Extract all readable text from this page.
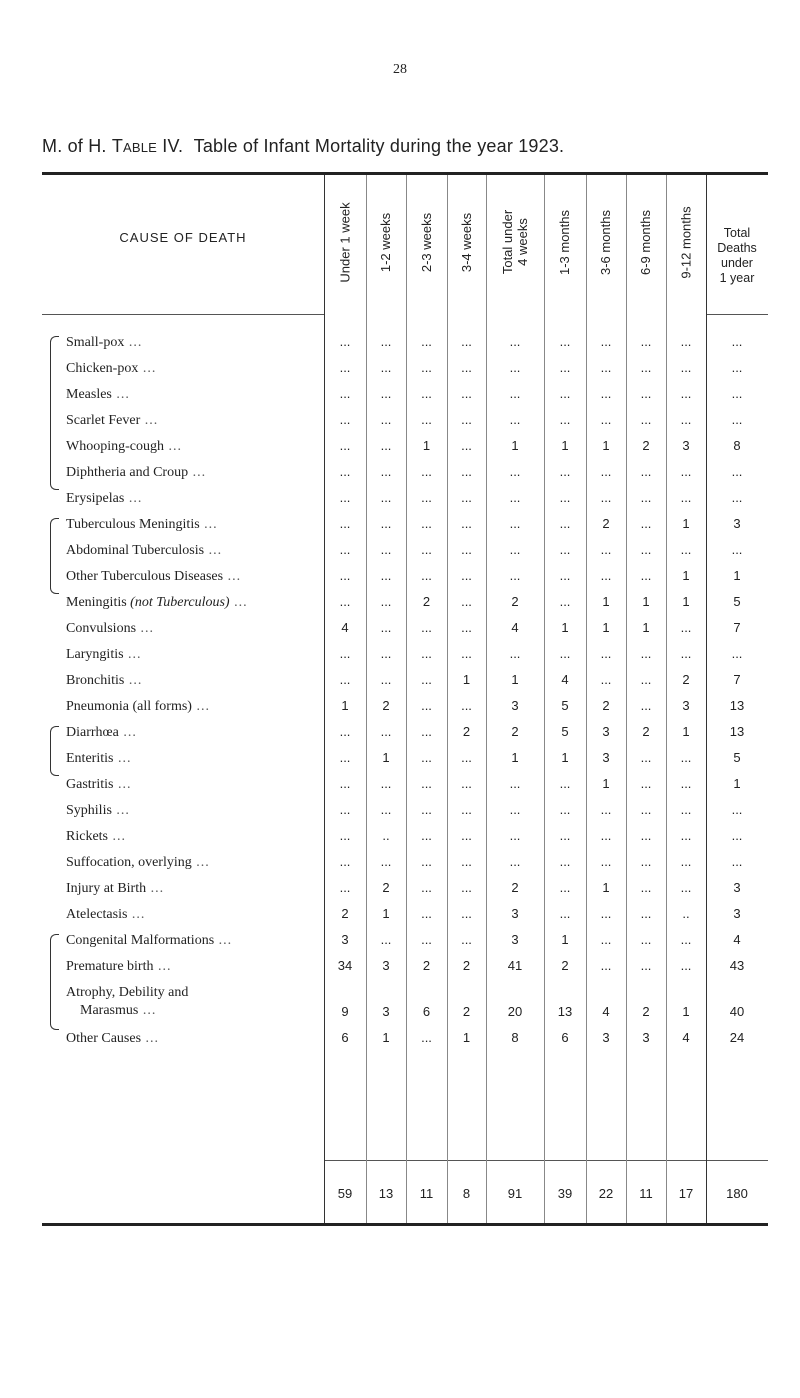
28
M. of H. Table IV. Table of Infant Mortality during the year 1923.
CAUSE OF DEATH	Total
Deaths
under
1 year
Under 1 week 1-2 weeks 2-3 weeks 3-4 weeks Total under 4 weeks 1-3 months 3-6 months 6-9 months 9-12 months
Small-pox ...	...	...	...	...	...	...	...	...	...	...
Chicken-pox ...	...	...	...	...	...	...	...	...	...	...
Measles ...	...	...	...	...	...	...	...	...	...	...
Scarlet Fever ...	...	...	...	...	...	...	...	...	...	...
Whooping-cough ...	...	...	1	...	1	1	1	2	3	8
Diphtheria and Croup ...	...	...	...	...	...	...	...	...	...	...
Erysipelas ...	...	...	...	...	...	...	...	...	...	...
Tuberculous Meningitis ...	...	...	...	...	...	...	2	...	1	3
Abdominal Tuberculosis ...	...	...	...	...	...	...	...	...	...	...
Other Tuberculous Diseases ...	...	...	...	...	...	...	...	...	1	1
Meningitis (not Tuberculous) ...	...	...	2	...	2	...	1	1	1	5
Convulsions ...	4	...	...	...	4	1	1	1	...	7
Laryngitis ...	...	...	...	...	...	...	...	...	...	...
Bronchitis ...	...	...	...	1	1	4	...	...	2	7
Pneumonia (all forms) ...	1	2	...	...	3	5	2	...	3	13
Diarrhœa ...	...	...	...	2	2	5	3	2	1	13
Enteritis ...	...	1	...	...	1	1	3	...	...	5
Gastritis ...	...	...	...	...	...	...	1	...	...	1
Syphilis ...	...	...	...	...	...	...	...	...	...	...
Rickets ...	...	..	...	...	...	...	...	...	...	...
Suffocation, overlying ...	...	...	...	...	...	...	...	...	...	...
Injury at Birth ...	...	2	...	...	2	...	1	...	...	3
Atelectasis ...	2	1	...	...	3	...	...	...	..	3
Congenital Malformations ...	3	...	...	...	3	1	...	...	...	4
Premature birth ...	34	3	2	2	41	2	...	...	...	43
Atrophy, Debility and
Marasmus ...	9	3	6	2	20	13	4	2	1	40
Other Causes ...	6	1	...	1	8	6	3	3	4	24
59	13	11	8	91	39	22	11	17	180
